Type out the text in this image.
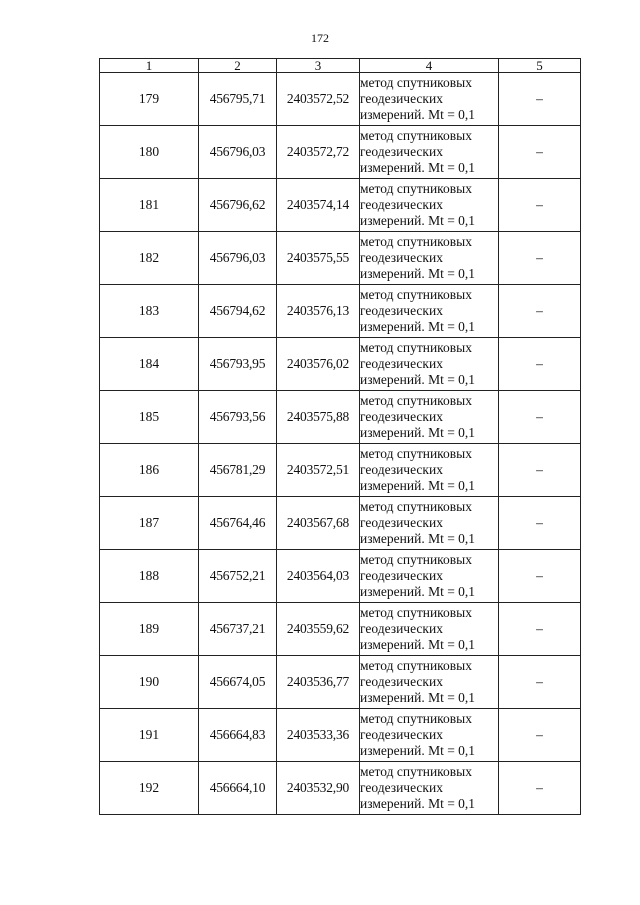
172
1	2	3	4	5
179	456795,71	2403572,52	метод спутниковых
геодезических
измерений. Mt = 0,1	–
180	456796,03	2403572,72	метод спутниковых
геодезических
измерений. Mt = 0,1	–
181	456796,62	2403574,14	метод спутниковых
геодезических
измерений. Mt = 0,1	–
182	456796,03	2403575,55	метод спутниковых
геодезических
измерений. Mt = 0,1	–
183	456794,62	2403576,13	метод спутниковых
геодезических
измерений. Mt = 0,1	–
184	456793,95	2403576,02	метод спутниковых
геодезических
измерений. Mt = 0,1	–
185	456793,56	2403575,88	метод спутниковых
геодезических
измерений. Mt = 0,1	–
186	456781,29	2403572,51	метод спутниковых
геодезических
измерений. Mt = 0,1	–
187	456764,46	2403567,68	метод спутниковых
геодезических
измерений. Mt = 0,1	–
188	456752,21	2403564,03	метод спутниковых
геодезических
измерений. Mt = 0,1	–
189	456737,21	2403559,62	метод спутниковых
геодезических
измерений. Mt = 0,1	–
190	456674,05	2403536,77	метод спутниковых
геодезических
измерений. Mt = 0,1	–
191	456664,83	2403533,36	метод спутниковых
геодезических
измерений. Mt = 0,1	–
192	456664,10	2403532,90	метод спутниковых
геодезических
измерений. Mt = 0,1	–
